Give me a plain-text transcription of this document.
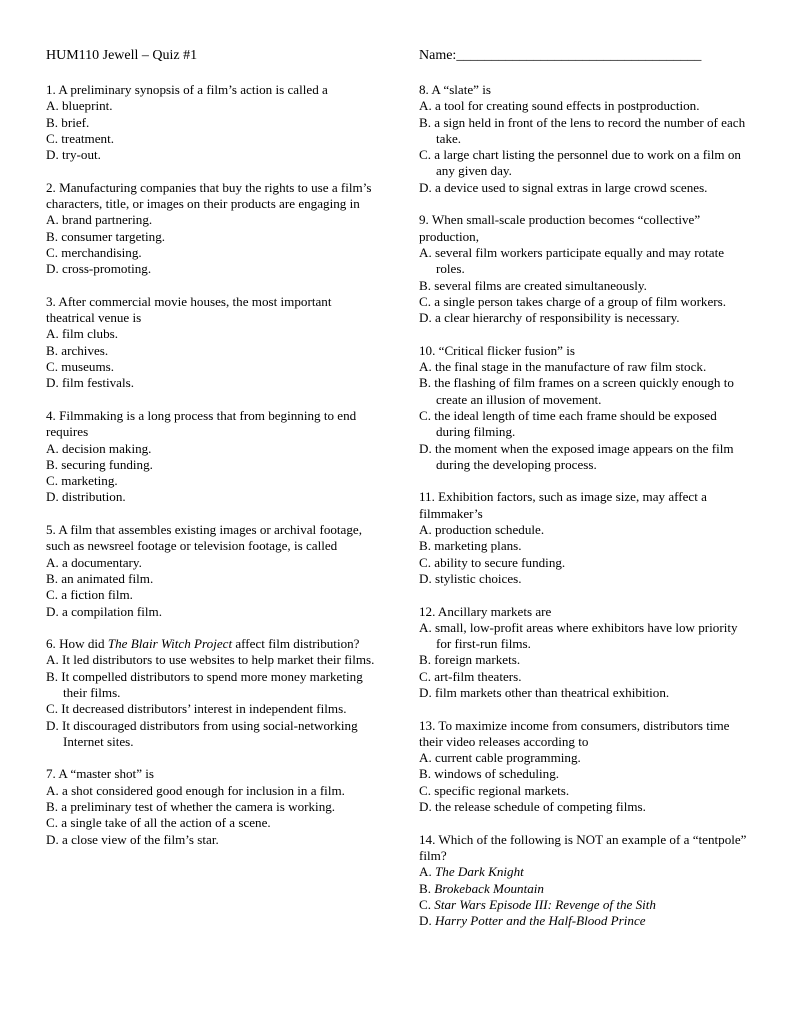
HUM110 Jewell – Quiz #1
1. A preliminary synopsis of a film’s action is called a
A. blueprint.
B. brief.
C. treatment.
D. try-out.
2. Manufacturing companies that buy the rights to use a film’s characters, title, or images on their products are engaging in
A. brand partnering.
B. consumer targeting.
C. merchandising.
D. cross-promoting.
3. After commercial movie houses, the most important theatrical venue is
A. film clubs.
B. archives.
C. museums.
D. film festivals.
4. Filmmaking is a long process that from beginning to end requires
A. decision making.
B. securing funding.
C. marketing.
D. distribution.
5. A film that assembles existing images or archival footage, such as newsreel footage or television footage, is called
A. a documentary.
B. an animated film.
C. a fiction film.
D. a compilation film.
6. How did The Blair Witch Project affect film distribution?
A. It led distributors to use websites to help market their films.
B. It compelled distributors to spend more money marketing their films.
C. It decreased distributors’ interest in independent films.
D. It discouraged distributors from using social-networking Internet sites.
7. A “master shot” is
A. a shot considered good enough for inclusion in a film.
B. a preliminary test of whether the camera is working.
C. a single take of all the action of a scene.
D. a close view of the film’s star.
Name:___________________________________
8. A “slate” is
A. a tool for creating sound effects in postproduction.
B. a sign held in front of the lens to record the number of each take.
C. a large chart listing the personnel due to work on a film on any given day.
D. a device used to signal extras in large crowd scenes.
9. When small-scale production becomes “collective” production,
A. several film workers participate equally and may rotate roles.
B. several films are created simultaneously.
C. a single person takes charge of a group of film workers.
D. a clear hierarchy of responsibility is necessary.
10. “Critical flicker fusion” is
A. the final stage in the manufacture of raw film stock.
B. the flashing of film frames on a screen quickly enough to create an illusion of movement.
C. the ideal length of time each frame should be exposed during filming.
D. the moment when the exposed image appears on the film during the developing process.
11. Exhibition factors, such as image size, may affect a filmmaker’s
A. production schedule.
B. marketing plans.
C. ability to secure funding.
D. stylistic choices.
12. Ancillary markets are
A. small, low-profit areas where exhibitors have low priority for first-run films.
B. foreign markets.
C. art-film theaters.
D. film markets other than theatrical exhibition.
13. To maximize income from consumers, distributors time their video releases according to
A. current cable programming.
B. windows of scheduling.
C. specific regional markets.
D. the release schedule of competing films.
14. Which of the following is NOT an example of a “tentpole” film?
A. The Dark Knight
B. Brokeback Mountain
C. Star Wars Episode III: Revenge of the Sith
D. Harry Potter and the Half-Blood Prince
